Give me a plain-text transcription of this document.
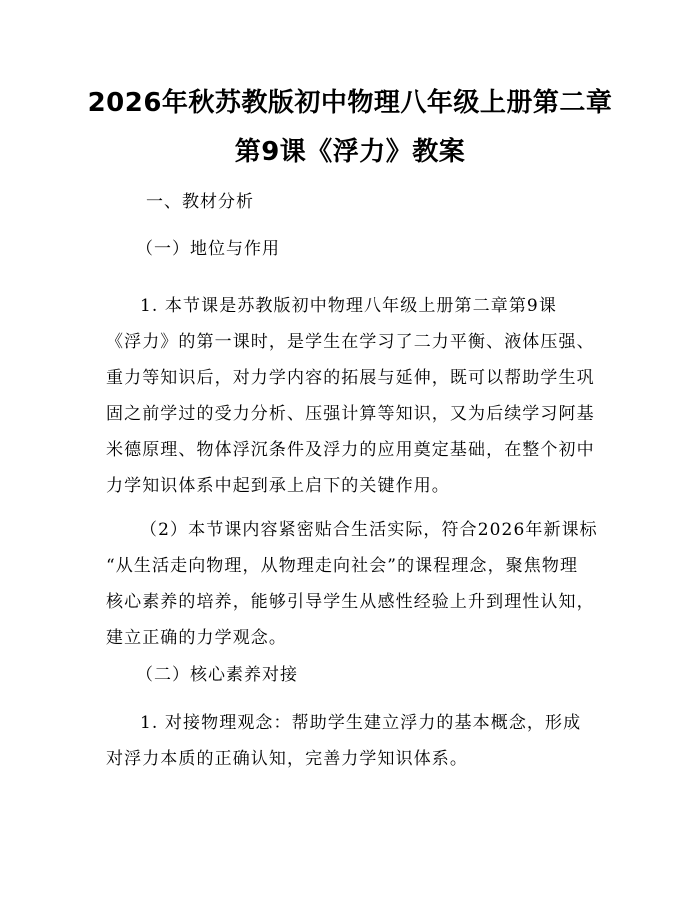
2026年秋苏教版初中物理八年级上册第二章
第9课《浮力》教案
一、教材分析
（一）地位与作用
1. 本节课是苏教版初中物理八年级上册第二章第9课
《浮力》的第一课时，是学生在学习了二力平衡、液体压强、
重力等知识后，对力学内容的拓展与延伸，既可以帮助学生巩
固之前学过的受力分析、压强计算等知识，又为后续学习阿基
米德原理、物体浮沉条件及浮力的应用奠定基础，在整个初中
力学知识体系中起到承上启下的关键作用。
（2）本节课内容紧密贴合生活实际，符合2026年新课标
“从生活走向物理，从物理走向社会”的课程理念，聚焦物理
核心素养的培养，能够引导学生从感性经验上升到理性认知，
建立正确的力学观念。
（二）核心素养对接
1. 对接物理观念：帮助学生建立浮力的基本概念，形成
对浮力本质的正确认知，完善力学知识体系。
